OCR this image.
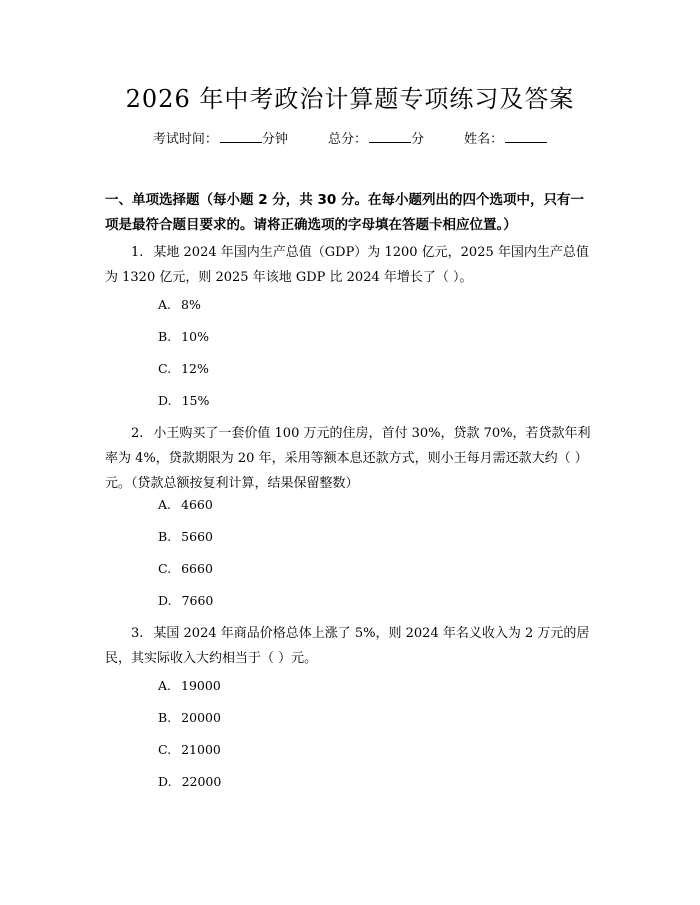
2026 年中考政治计算题专项练习及答案
考试时间：	分钟	总分：	分	姓名：
一、单项选择题（每小题 2 分，共 30 分。在每小题列出的四个选项中，只有一项是最符合题目要求的。请将正确选项的字母填在答题卡相应位置。）
1. 某地 2024 年国内生产总值（GDP）为 1200 亿元，2025 年国内生产总值为 1320 亿元，则 2025 年该地 GDP 比 2024 年增长了（ ）。
A. 8%
B. 10%
C. 12%
D. 15%
2. 小王购买了一套价值 100 万元的住房，首付 30%，贷款 70%，若贷款年利率为 4%，贷款期限为 20 年，采用等额本息还款方式，则小王每月需还款大约（ ）元。（贷款总额按复利计算，结果保留整数）
A. 4660
B. 5660
C. 6660
D. 7660
3. 某国 2024 年商品价格总体上涨了 5%，则 2024 年名义收入为 2 万元的居民，其实际收入大约相当于（ ）元。
A. 19000
B. 20000
C. 21000
D. 22000
